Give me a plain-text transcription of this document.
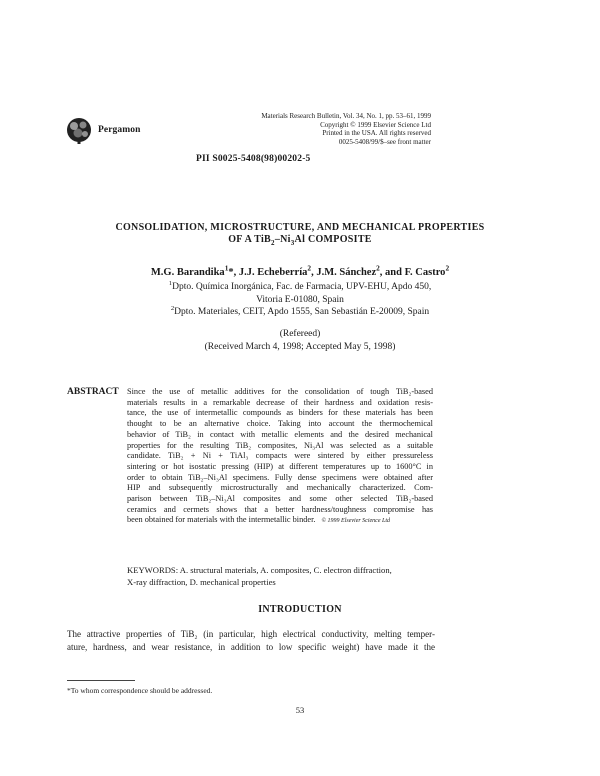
Pergamon
Materials Research Bulletin, Vol. 34, No. 1, pp. 53–61, 1999
Copyright © 1999 Elsevier Science Ltd
Printed in the USA. All rights reserved
0025-5408/99/$–see front matter
PII S0025-5408(98)00202-5
CONSOLIDATION, MICROSTRUCTURE, AND MECHANICAL PROPERTIES
OF A $TiB_2-Ni_3Al$ COMPOSITE
M.G. Barandika$^1$*, J.J. Echeberría$^2$, J.M. Sánchez$^2$, and F. Castro$^2$
$^1$Dpto. Química Inorgánica, Fac. de Farmacia, UPV-EHU, Apdo 450,
Vitoria E-01080, Spain
$^2$Dpto. Materiales, CEIT, Apdo 1555, San Sebastián E-20009, Spain
(Refereed)
(Received March 4, 1998; Accepted May 5, 1998)
ABSTRACT Since the use of metallic additives for the consolidation of tough TiB₂-based
materials results in a remarkable decrease of their hardness and oxidation resis-
tance, the use of intermetallic compounds as binders for these materials has been
thought to be an alternative choice. Taking into account the thermochemical
behavior of TiB₂ in contact with metallic elements and the desired mechanical
properties for the resulting TiB₂ composites, Ni₃Al was selected as a suitable
candidate. TiB₂ + Ni + TiAl₃ compacts were sintered by either pressureless
sintering or hot isostatic pressing (HIP) at different temperatures up to 1600°C in
order to obtain TiB₂–Ni₃Al specimens. Fully dense specimens were obtained after
HIP and subsequently microstructurally and mechanically characterized. Com-
parison between TiB₂–Ni₃Al composites and some other selected TiB₂-based
ceramics and cermets shows that a better hardness/toughness compromise has
been obtained for materials with the intermetallic binder. © 1999 Elsevier Science Ltd
KEYWORDS: A. structural materials, A. composites, C. electron diffraction,
X-ray diffraction, D. mechanical properties
INTRODUCTION
The attractive properties of TiB₂ (in particular, high electrical conductivity, melting temper-
ature, hardness, and wear resistance, in addition to low specific weight) have made it the
*To whom correspondence should be addressed.
53
